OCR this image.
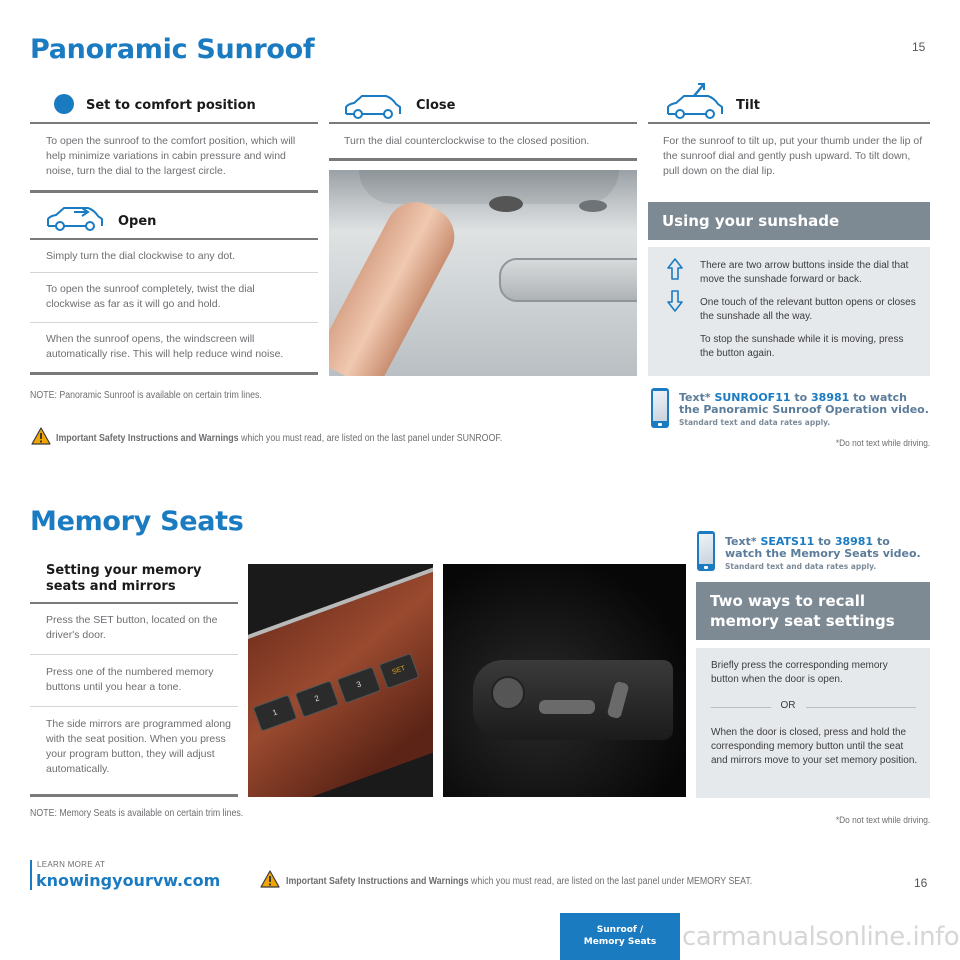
Panoramic Sunroof	15
Set to comfort position
To open the sunroof to the comfort position, which will help minimize variations in cabin pressure and wind noise, turn the dial to the largest circle.
Open
Simply turn the dial clockwise to any dot.
To open the sunroof completely, twist the dial clockwise as far as it will go and hold.
When the sunroof opens, the windscreen will automatically rise. This will help reduce wind noise.
Close
Turn the dial counterclockwise to the closed position.
Tilt
For the sunroof to tilt up, put your thumb under the lip of the sunroof dial and gently push upward. To tilt down, pull down on the dial lip.
Using your sunshade
There are two arrow buttons inside the dial that move the sunshade forward or back.
One touch of the relevant button opens or closes the sunshade all the way.
To stop the sunshade while it is moving, press the button again.
Text* SUNROOF11 to 38981 to watch
the Panoramic Sunroof Operation video.
Standard text and data rates apply.
NOTE: Panoramic Sunroof is available on certain trim lines.
Important Safety Instructions and Warnings which you must read, are listed on the last panel under SUNROOF.	*Do not text while driving.
Memory Seats
Setting your memory
seats and mirrors
Press the SET button, located on the driver's door.
Press one of the numbered memory buttons until you hear a tone.
The side mirrors are programmed along with the seat position. When you press your program button, they will adjust automatically.
1
2
3
SET
Text* SEATS11 to 38981 to
watch the Memory Seats video.
Standard text and data rates apply.
Two ways to recall
memory seat settings
Briefly press the corresponding memory button when the door is open.
OR
When the door is closed, press and hold the corresponding memory button until the seat and mirrors move to your set memory position.
NOTE: Memory Seats is available on certain trim lines.
*Do not text while driving.
LEARN MORE AT
knowingyourvw.com	Important Safety Instructions and Warnings which you must read, are listed on the last panel under MEMORY SEAT.	16
Sunroof /
Memory Seats carmanualsonline.info
